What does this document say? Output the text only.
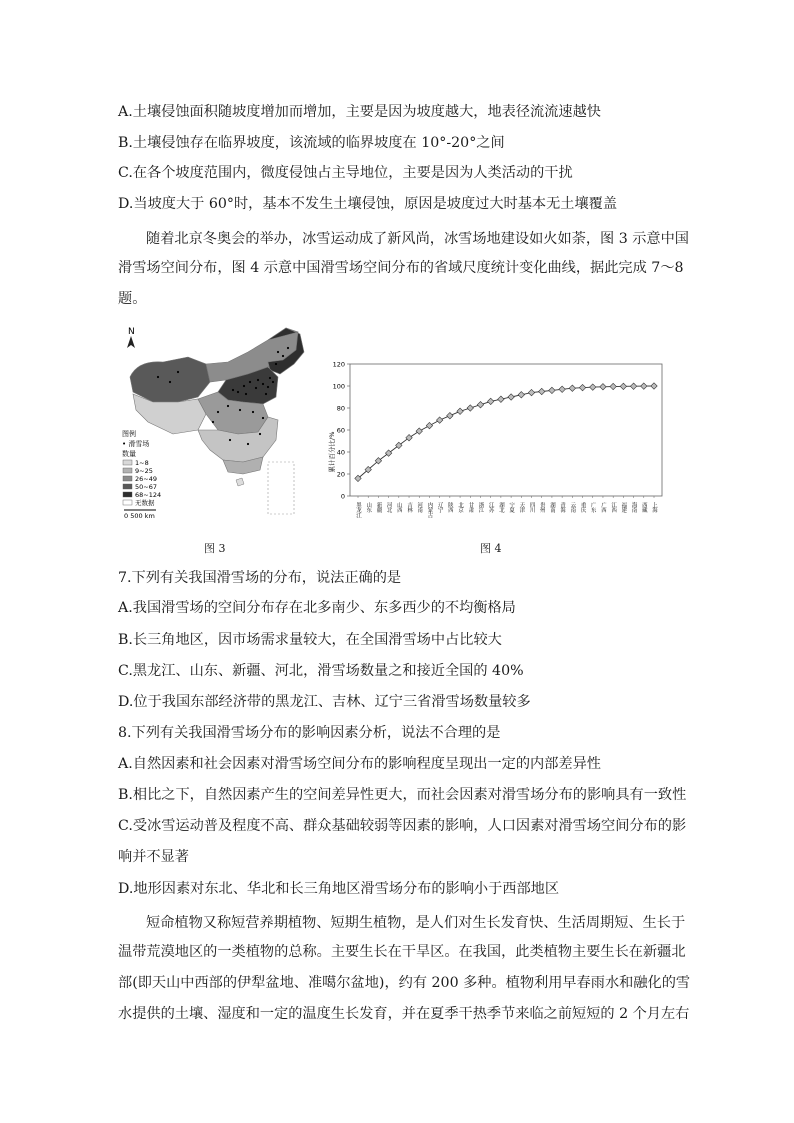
A.土壤侵蚀面积随坡度增加而增加，主要是因为坡度越大，地表径流流速越快
B.土壤侵蚀存在临界坡度，该流域的临界坡度在 10°-20°之间
C.在各个坡度范围内，微度侵蚀占主导地位，主要是因为人类活动的干扰
D.当坡度大于 60°时，基本不发生土壤侵蚀，原因是坡度过大时基本无土壤覆盖
随着北京冬奥会的举办，冰雪运动成了新风尚，冰雪场地建设如火如荼，图 3 示意中国
滑雪场空间分布，图 4 示意中国滑雪场空间分布的省域尺度统计变化曲线，据此完成 7～8
题。
N
图例
• 滑雪场
数量
1~8
9~25
26~49
50~67
68~124
无数据
0 500 km
图 3
累计百分比/%
0
20
40
60
80
100
120
黑龙江 山东 新疆 河北 山西 吉林 河南 内蒙古 辽宁 陕西 北京 甘肃 浙江 江苏 湖北 宁夏 天津 四川 贵州 湖南 青海 云南 重庆 广东 广西 江西 福建 海南 西藏 上海
图 4
7.下列有关我国滑雪场的分布，说法正确的是
A.我国滑雪场的空间分布存在北多南少、东多西少的不均衡格局
B.长三角地区，因市场需求量较大，在全国滑雪场中占比较大
C.黑龙江、山东、新疆、河北，滑雪场数量之和接近全国的 40%
D.位于我国东部经济带的黑龙江、吉林、辽宁三省滑雪场数量较多
8.下列有关我国滑雪场分布的影响因素分析，说法不合理的是
A.自然因素和社会因素对滑雪场空间分布的影响程度呈现出一定的内部差异性
B.相比之下，自然因素产生的空间差异性更大，而社会因素对滑雪场分布的影响具有一致性
C.受冰雪运动普及程度不高、群众基础较弱等因素的影响，人口因素对滑雪场空间分布的影
响并不显著
D.地形因素对东北、华北和长三角地区滑雪场分布的影响小于西部地区
短命植物又称短营养期植物、短期生植物，是人们对生长发育快、生活周期短、生长于
温带荒漠地区的一类植物的总称。主要生长在干旱区。在我国，此类植物主要生长在新疆北
部(即天山中西部的伊犁盆地、准噶尔盆地)，约有 200 多种。植物利用早春雨水和融化的雪
水提供的土壤、湿度和一定的温度生长发育，并在夏季干热季节来临之前短短的 2 个月左右
